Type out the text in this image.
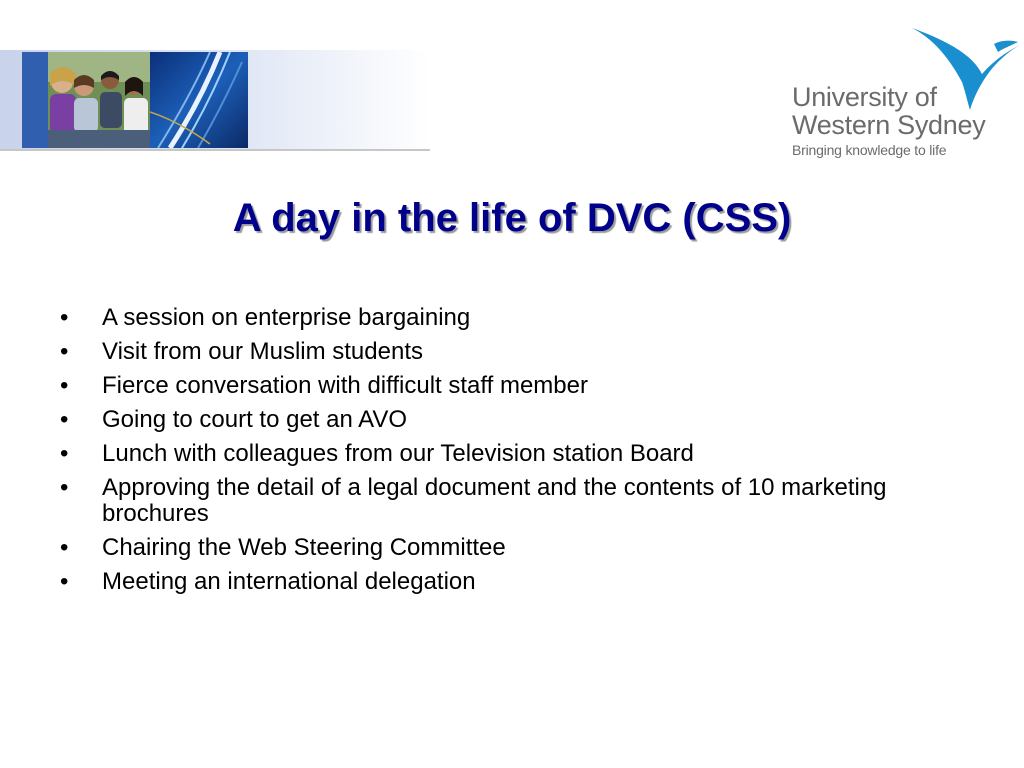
University of
Western Sydney
Bringing knowledge to life
A day in the life of DVC (CSS)
• A session on enterprise bargaining
• Visit from our Muslim students
• Fierce conversation with difficult staff member
• Going to court to get an AVO
• Lunch with colleagues from our Television station Board
• Approving the detail of a legal document and the contents of 10 marketing brochures
• Chairing the Web Steering Committee
• Meeting an international delegation
